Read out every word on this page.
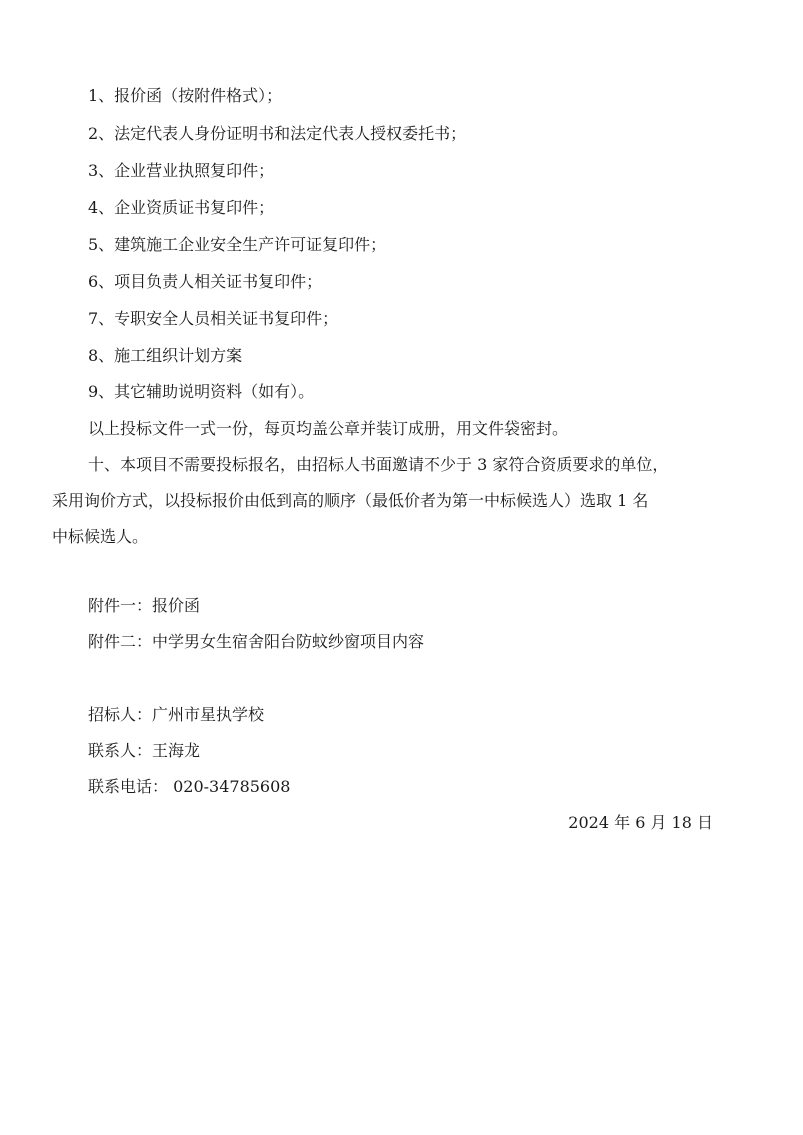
1、报价函（按附件格式）；
2、法定代表人身份证明书和法定代表人授权委托书；
3、企业营业执照复印件；
4、企业资质证书复印件；
5、建筑施工企业安全生产许可证复印件；
6、项目负责人相关证书复印件；
7、专职安全人员相关证书复印件；
8、施工组织计划方案
9、其它辅助说明资料（如有）。
以上投标文件一式一份，每页均盖公章并装订成册，用文件袋密封。
十、本项目不需要投标报名，由招标人书面邀请不少于 3 家符合资质要求的单位，
采用询价方式，以投标报价由低到高的顺序（最低价者为第一中标候选人）选取 1 名
中标候选人。
附件一：报价函
附件二：中学男女生宿舍阳台防蚊纱窗项目内容
招标人：广州市星执学校
联系人：王海龙
联系电话： 020-34785608
2024 年 6 月 18 日
